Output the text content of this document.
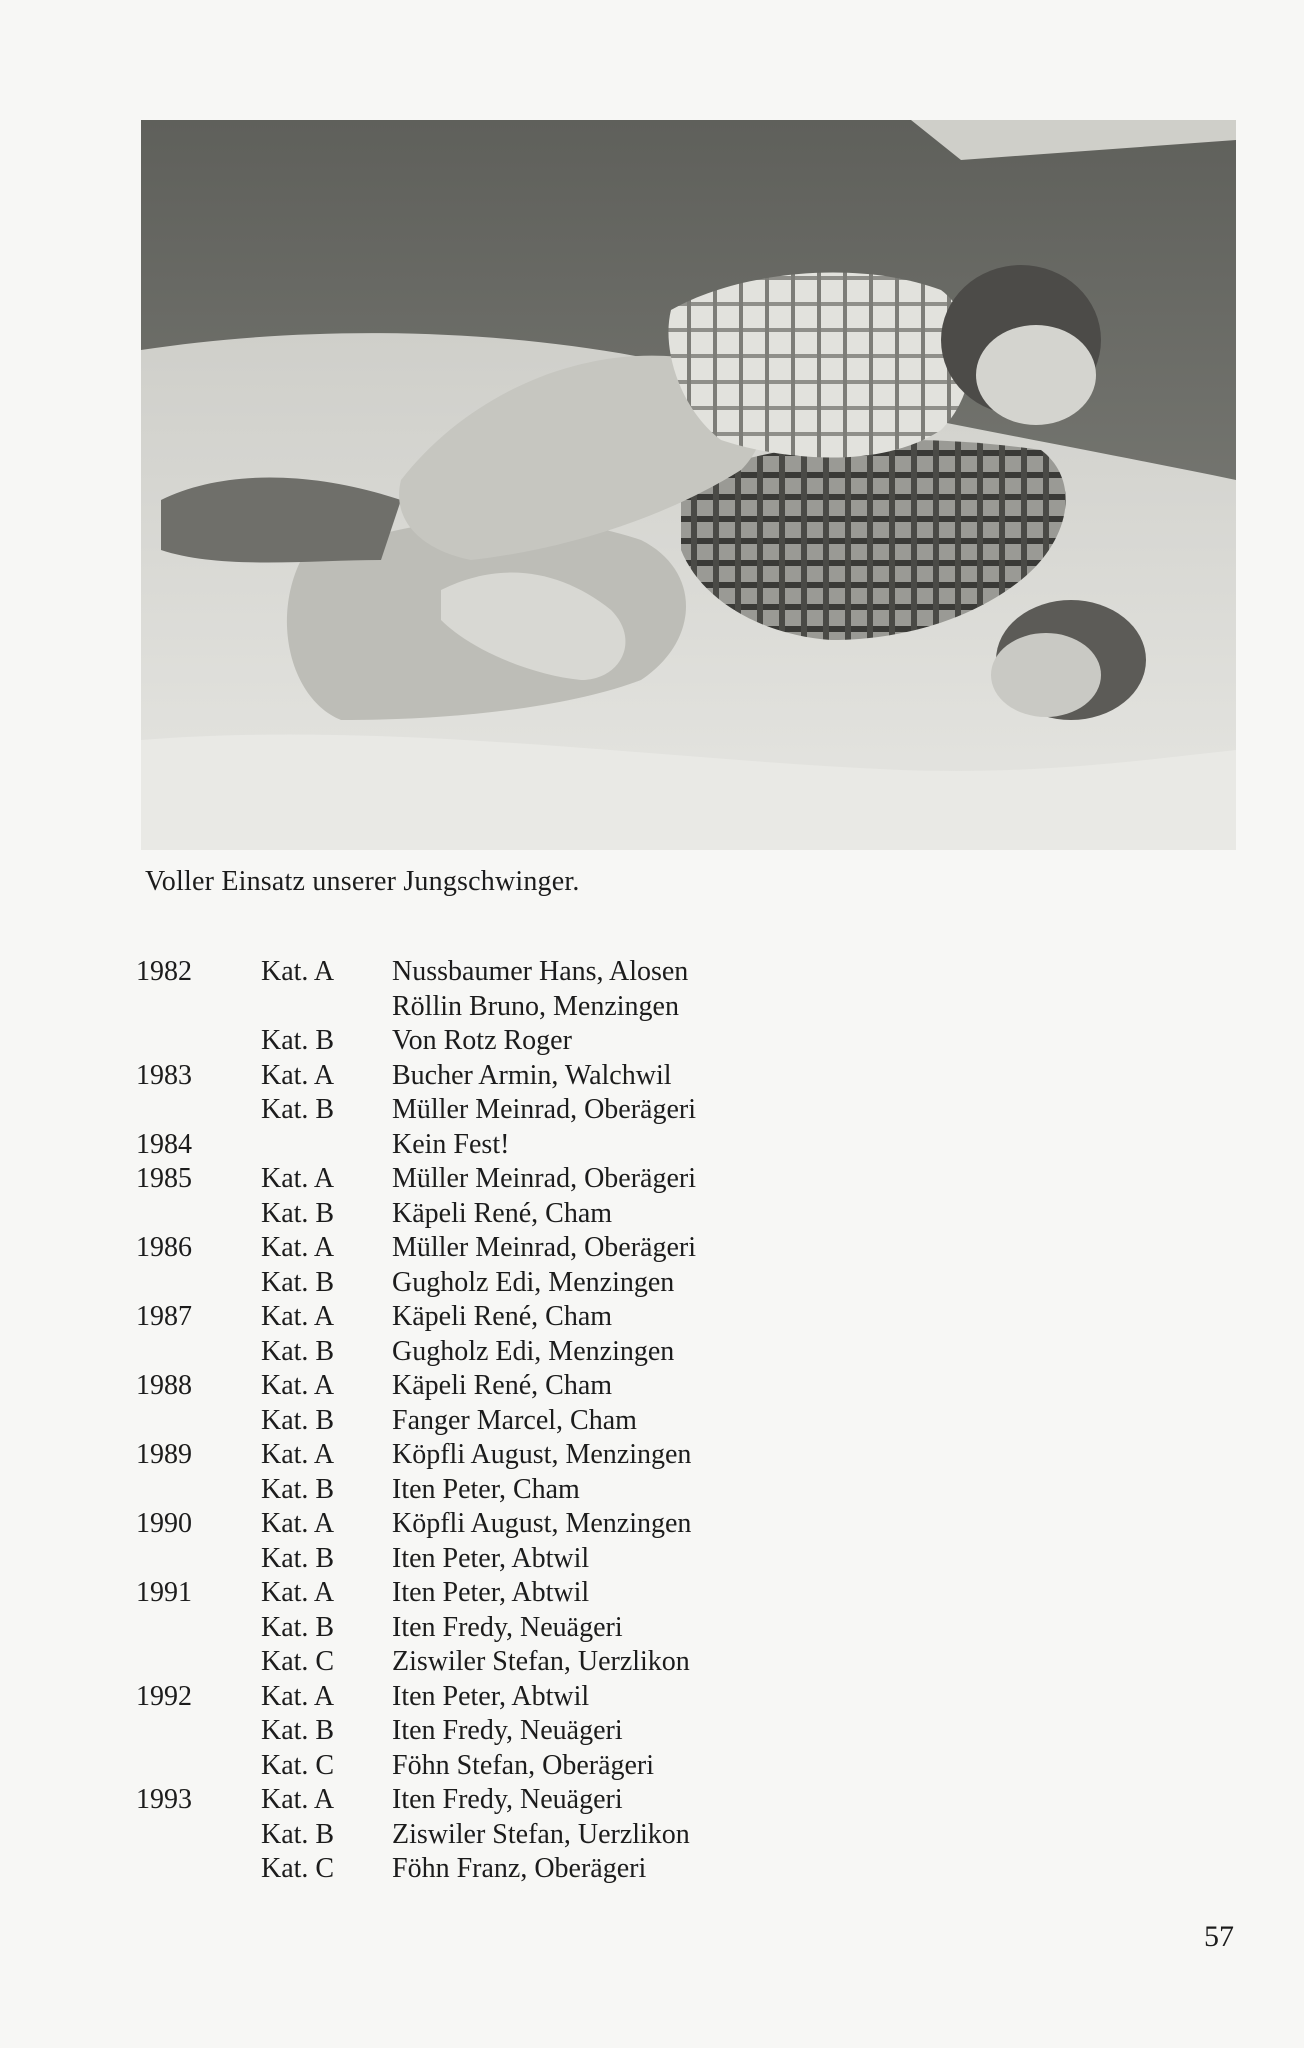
Voller Einsatz unserer Jungschwinger.
1982 Kat. A Nussbaumer Hans, Alosen
Röllin Bruno, Menzingen
Kat. B Von Rotz Roger
1983 Kat. A Bucher Armin, Walchwil
Kat. B Müller Meinrad, Oberägeri
1984	Kein Fest!
1985 Kat. A Müller Meinrad, Oberägeri
Kat. B Käpeli René, Cham
1986 Kat. A Müller Meinrad, Oberägeri
Kat. B Gugholz Edi, Menzingen
1987 Kat. A Käpeli René, Cham
Kat. B Gugholz Edi, Menzingen
1988 Kat. A Käpeli René, Cham
Kat. B Fanger Marcel, Cham
1989 Kat. A Köpfli August, Menzingen
Kat. B Iten Peter, Cham
1990 Kat. A Köpfli August, Menzingen
Kat. B Iten Peter, Abtwil
1991 Kat. A Iten Peter, Abtwil
Kat. B Iten Fredy, Neuägeri
Kat. C Ziswiler Stefan, Uerzlikon
1992 Kat. A Iten Peter, Abtwil
Kat. B Iten Fredy, Neuägeri
Kat. C Föhn Stefan, Oberägeri
1993 Kat. A Iten Fredy, Neuägeri
Kat. B Ziswiler Stefan, Uerzlikon
Kat. C Föhn Franz, Oberägeri
57
